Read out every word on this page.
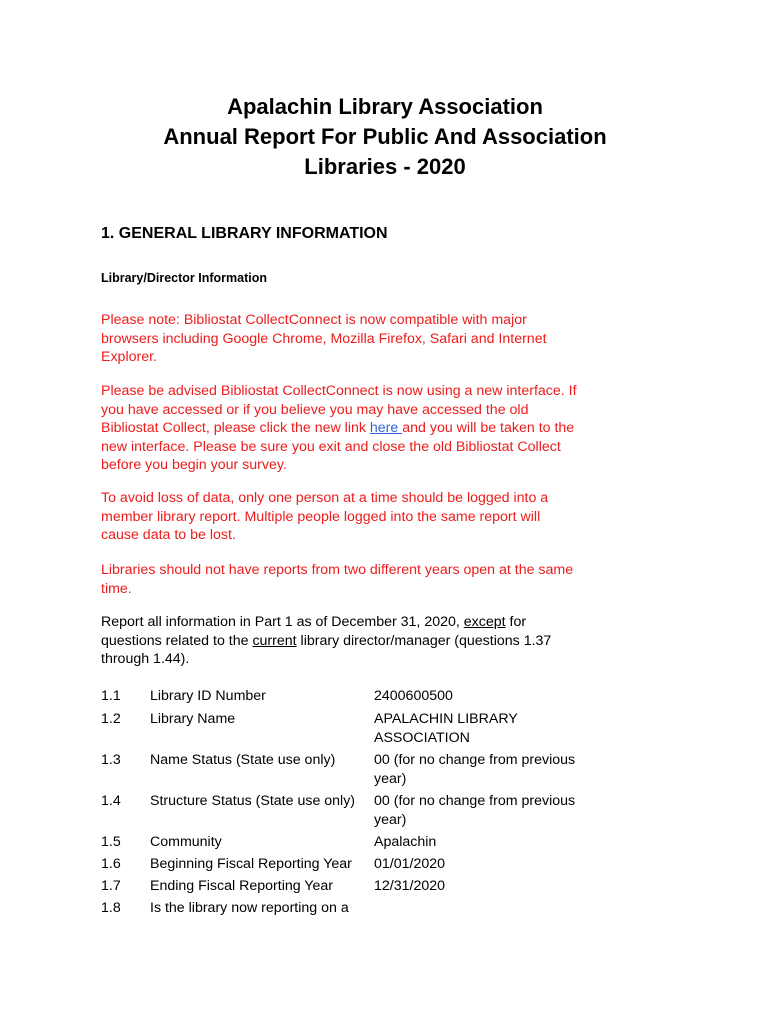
Apalachin Library Association
Annual Report For Public And Association
Libraries - 2020
1. GENERAL LIBRARY INFORMATION
Library/Director Information
Please note: Bibliostat CollectConnect is now compatible with major
browsers including Google Chrome, Mozilla Firefox, Safari and Internet
Explorer.
Please be advised Bibliostat CollectConnect is now using a new interface. If
you have accessed or if you believe you may have accessed the old
Bibliostat Collect, please click the new link here and you will be taken to the
new interface. Please be sure you exit and close the old Bibliostat Collect
before you begin your survey.
To avoid loss of data, only one person at a time should be logged into a
member library report. Multiple people logged into the same report will
cause data to be lost.
Libraries should not have reports from two different years open at the same
time.
Report all information in Part 1 as of December 31, 2020, except for
questions related to the current library director/manager (questions 1.37
through 1.44).
1.1 Library ID Number	2400600500
1.2 Library Name	APALACHIN LIBRARY
ASSOCIATION
1.3 Name Status (State use only)	00 (for no change from previous
year)
1.4 Structure Status (State use only) 00 (for no change from previous
year)
1.5 Community	Apalachin
1.6 Beginning Fiscal Reporting Year 01/01/2020
1.7 Ending Fiscal Reporting Year	12/31/2020
1.8 Is the library now reporting on a
